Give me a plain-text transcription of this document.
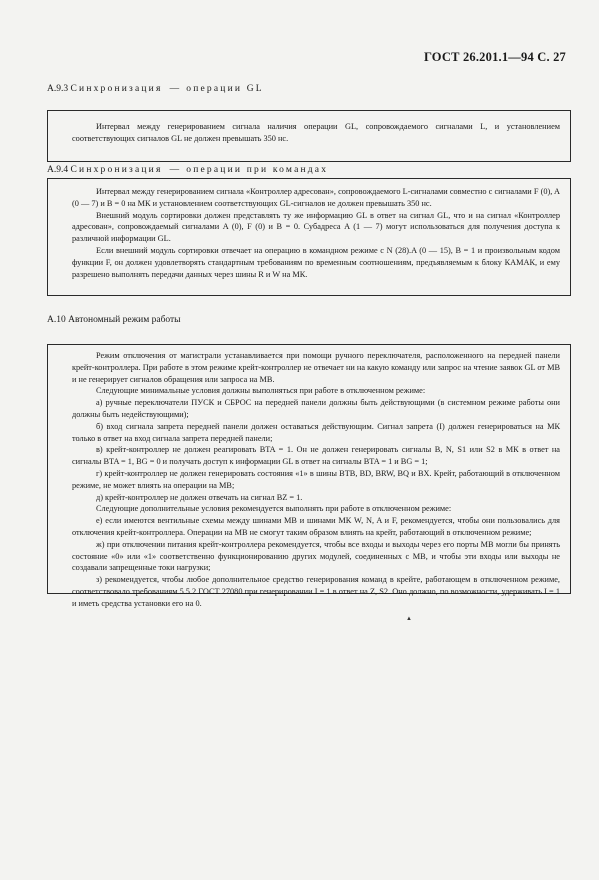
ГОСТ 26.201.1—94 С. 27
А.9.3 Синхронизация — операции GL

Интервал между генерированием сигнала наличия операции GL, сопровождаемого сигналами L, и установлением соответствующих сигналов GL не должен превышать 350 нс.

А.9.4 Синхронизация — операции при командах

Интервал между генерированием сигнала «Контроллер адресован», сопровождаемого L-сигналами совместно с сигналами F (0), A (0 — 7) и B = 0 на МК и установлением соответствующих GL-сигналов не должен превышать 350 нс.

Внешний модуль сортировки должен представлять ту же информацию GL в ответ на сигнал GL, что и на сигнал «Контроллер адресован», сопровождаемый сигналами A (0), F (0) и B = 0. Субадреса A (1 — 7) могут использоваться для получения доступа к различной информации GL.

Если внешний модуль сортировки отвечает на операцию в командном режиме с N (28).A (0 — 15), B = 1 и произвольным кодом функции F, он должен удовлетворять стандартным требованиям по временным соотношениям, предъявляемым к блоку КАМАК, и ему разрешено выполнять передачи данных через шины R и W на МК.

А.10 Автономный режим работы

Режим отключения от магистрали устанавливается при помощи ручного переключателя, расположенного на передней панели крейт-контроллера. При работе в этом режиме крейт-контроллер не отвечает ни на какую команду или запрос на чтение заявок GL от МВ и не генерирует сигналов обращения или запроса на МВ.

Следующие минимальные условия должны выполняться при работе в отключенном режиме:

а) ручные переключатели ПУСК и СБРОС на передней панели должны быть действующими (в системном режиме работы они должны быть недействующими);

б) вход сигнала запрета передней панели должен оставаться действующим. Сигнал запрета (I) должен генерироваться на МК только в ответ на вход сигнала запрета передней панели;

в) крейт-контроллер не должен реагировать BTA = 1. Он не должен генерировать сигналы B, N, S1 или S2 в МК в ответ на сигналы BTA = 1, BG = 0 и получать доступ к информации GL в ответ на сигналы BTA = 1 и BG = 1;

г) крейт-контроллер не должен генерировать состояния «1» в шины BTB, BD, BRW, BQ и BX. Крейт, работающий в отключенном режиме, не может влиять на операции на МВ;

д) крейт-контроллер не должен отвечать на сигнал BZ = 1.

Следующие дополнительные условия рекомендуется выполнять при работе в отключенном режиме:

е) если имеются вентильные схемы между шинами МВ и шинами МК W, N, A и F, рекомендуется, чтобы они пользовались для отключения крейт-контроллера. Операции на МВ не смогут таким образом влиять на крейт, работающий в отключенном режиме;

ж) при отключении питания крейт-контроллера рекомендуется, чтобы все входы и выходы через его порты МВ могли бы принять состояние «0» или «1» соответственно функционированию других модулей, соединенных с МВ, и чтобы эти входы или выходы не создавали запрещенные токи нагрузки;

з) рекомендуется, чтобы любое дополнительное средство генерирования команд в крейте, работающем в отключенном режиме, соответствовало требованиям 5.5.2 ГОСТ 27080 при генерировании I = 1 в ответ на Z, S2. Оно должно, по возможности, удерживать I = 1 и иметь средства установки его на 0.

▲
